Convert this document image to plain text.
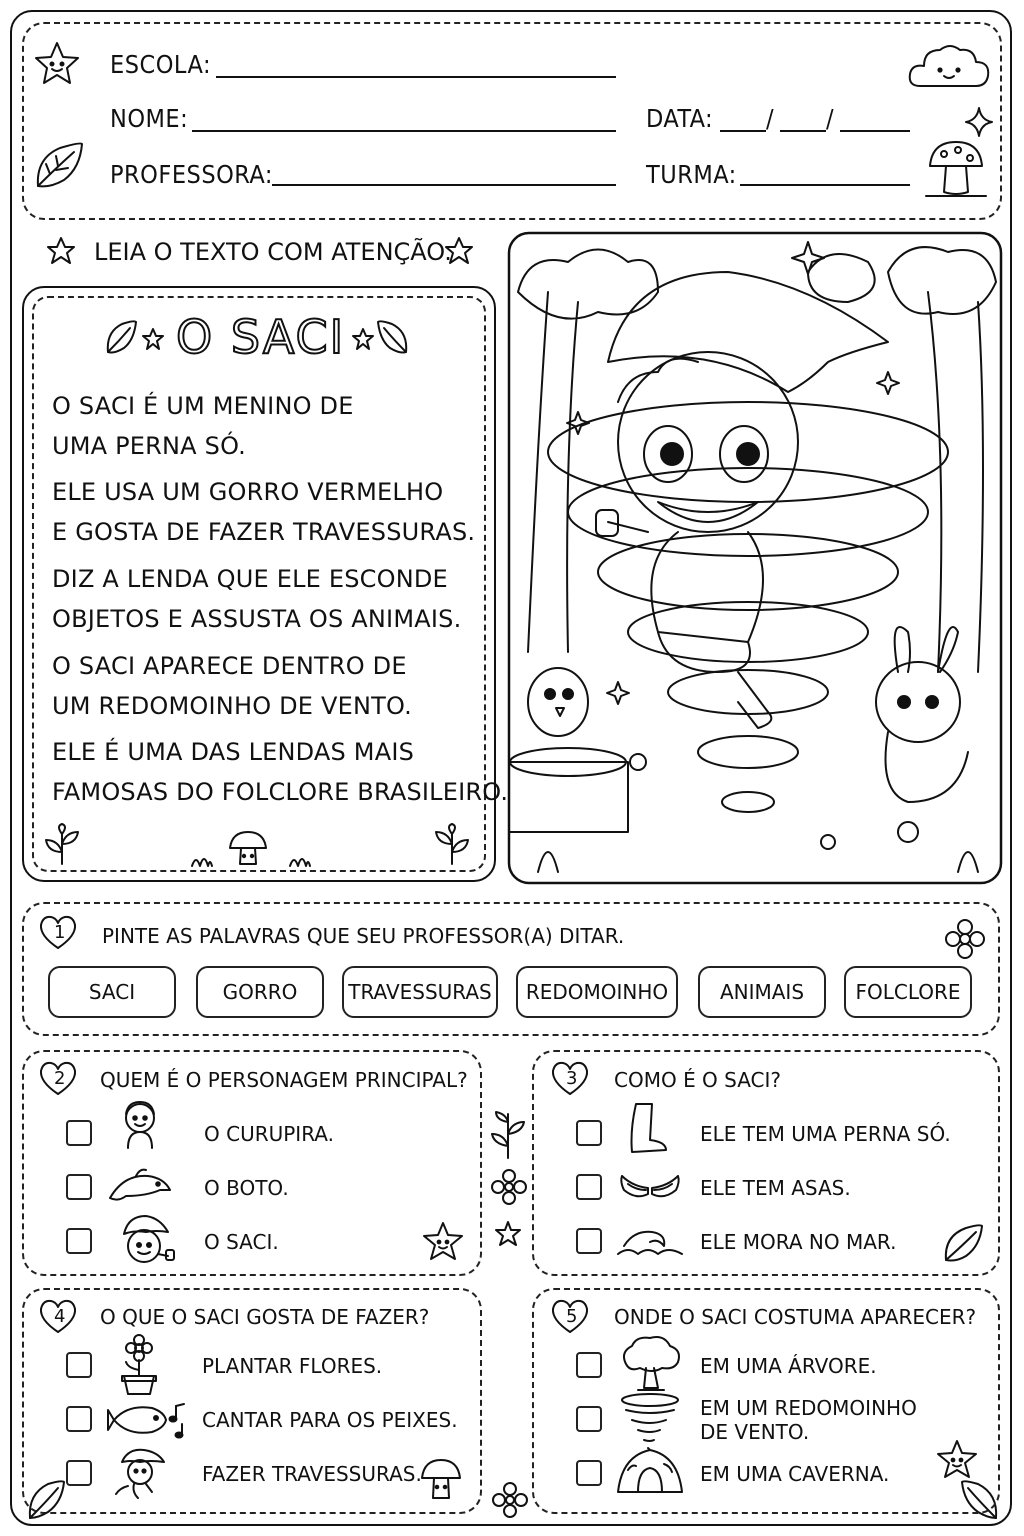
ESCOLA:
NOME:	DATA: / /
PROFESSORA:	TURMA:
LEIA O TEXTO COM ATENÇÃO.
O SACI
O SACI É UM MENINO DE
UMA PERNA SÓ.
ELE USA UM GORRO VERMELHO
E GOSTA DE FAZER TRAVESSURAS.
DIZ A LENDA QUE ELE ESCONDE
OBJETOS E ASSUSTA OS ANIMAIS.
O SACI APARECE DENTRO DE
UM REDOMOINHO DE VENTO.
ELE É UMA DAS LENDAS MAIS
FAMOSAS DO FOLCLORE BRASILEIRO.
1 PINTE AS PALAVRAS QUE SEU PROFESSOR(A) DITAR.
SACI	GORRO	TRAVESSURAS	REDOMOINHO	ANIMAIS	FOLCLORE
2 QUEM É O PERSONAGEM PRINCIPAL?
O CURUPIRA.
O BOTO.
O SACI.
3 COMO É O SACI?
ELE TEM UMA PERNA SÓ.
ELE TEM ASAS.
ELE MORA NO MAR.
4 O QUE O SACI GOSTA DE FAZER?
PLANTAR FLORES.
CANTAR PARA OS PEIXES.
FAZER TRAVESSURAS.
5 ONDE O SACI COSTUMA APARECER?
EM UMA ÁRVORE.
EM UM REDOMOINHO
DE VENTO.
EM UMA CAVERNA.
